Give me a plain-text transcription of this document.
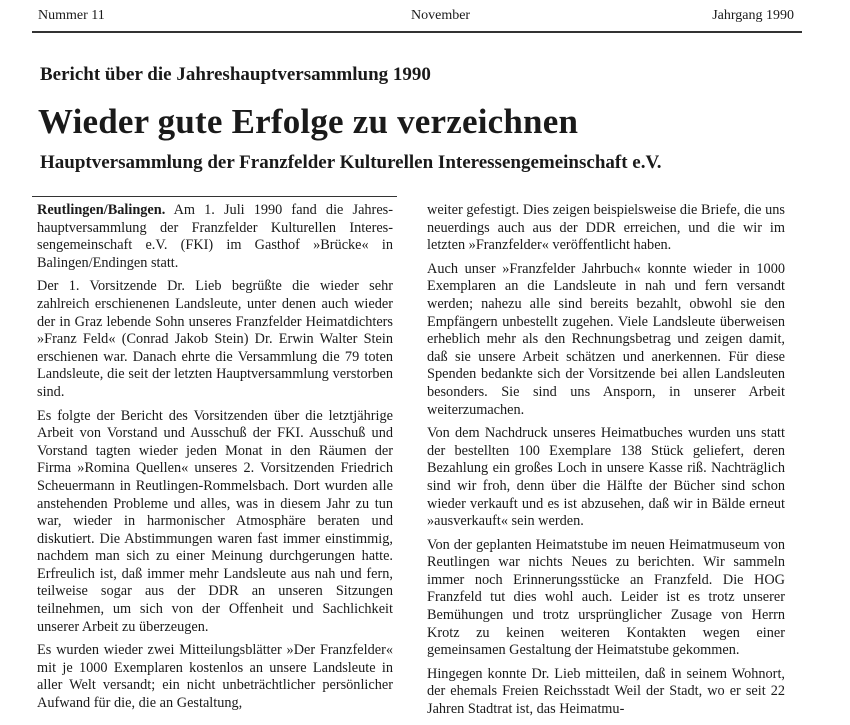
Nummer 11	November	Jahrgang 1990
Bericht über die Jahreshauptversammlung 1990
Wieder gute Erfolge zu verzeichnen
Hauptversammlung der Franzfelder Kulturellen Interessengemeinschaft e.V.

Reutlingen/Balingen. Am 1. Juli 1990 fand die Jahres-hauptversammlung der Franzfelder Kulturellen Interes-sengemeinschaft e.V. (FKI) im Gasthof »Brücke« in Balingen/Endingen statt.

Der 1. Vorsitzende Dr. Lieb begrüßte die wieder sehr zahlreich erschienenen Landsleute, unter denen auch wieder der in Graz lebende Sohn unseres Franzfelder Heimatdichters »Franz Feld« (Conrad Jakob Stein) Dr. Erwin Walter Stein erschienen war. Danach ehrte die Versammlung die 79 toten Landsleute, die seit der letzten Hauptversammlung verstorben sind.

Es folgte der Bericht des Vorsitzenden über die letztjährige Arbeit von Vorstand und Ausschuß der FKI. Ausschuß und Vorstand tagten wieder jeden Monat in den Räumen der Firma »Romina Quellen« unseres 2. Vorsitzenden Friedrich Scheuermann in Reutlingen-Rommelsbach. Dort wurden alle anstehenden Probleme und alles, was in diesem Jahr zu tun war, wieder in harmonischer Atmosphäre beraten und diskutiert. Die Abstimmungen waren fast immer einstimmig, nachdem man sich zu einer Meinung durchgerungen hatte. Erfreulich ist, daß immer mehr Landsleute aus nah und fern, teilweise sogar aus der DDR an unseren Sitzungen teilnehmen, um sich von der Offenheit und Sachlichkeit unserer Arbeit zu überzeugen.

Es wurden wieder zwei Mitteilungsblätter »Der Franzfelder« mit je 1000 Exemplaren kostenlos an unsere Landsleute in aller Welt versandt; ein nicht unbeträchtlicher persönlicher Aufwand für die, die an Gestaltung,

weiter gefestigt. Dies zeigen beispielsweise die Briefe, die uns neuerdings auch aus der DDR erreichen, und die wir im letzten »Franzfelder« veröffentlicht haben.

Auch unser »Franzfelder Jahrbuch« konnte wieder in 1000 Exemplaren an die Landsleute in nah und fern versandt werden; nahezu alle sind bereits bezahlt, obwohl sie den Empfängern unbestellt zugehen. Viele Landsleute überweisen erheblich mehr als den Rechnungsbetrag und zeigen damit, daß sie unsere Arbeit schätzen und anerkennen. Für diese Spenden bedankte sich der Vorsitzende bei allen Landsleuten besonders. Sie sind uns Ansporn, in unserer Arbeit weiterzumachen.

Von dem Nachdruck unseres Heimatbuches wurden uns statt der bestellten 100 Exemplare 138 Stück geliefert, deren Bezahlung ein großes Loch in unsere Kasse riß. Nachträglich sind wir froh, denn über die Hälfte der Bücher sind schon wieder verkauft und es ist abzusehen, daß wir in Bälde erneut »ausverkauft« sein werden.

Von der geplanten Heimatstube im neuen Heimatmuseum von Reutlingen war nichts Neues zu berichten. Wir sammeln immer noch Erinnerungsstücke an Franzfeld. Die HOG Franzfeld tut dies wohl auch. Leider ist es trotz unserer Bemühungen und trotz ursprünglicher Zusage von Herrn Krotz zu keinen weiteren Kontakten wegen einer gemeinsamen Gestaltung der Heimatstube gekommen.

Hingegen konnte Dr. Lieb mitteilen, daß in seinem Wohnort, der ehemals Freien Reichsstadt Weil der Stadt, wo er seit 22 Jahren Stadtrat ist, das Heimatmu-
